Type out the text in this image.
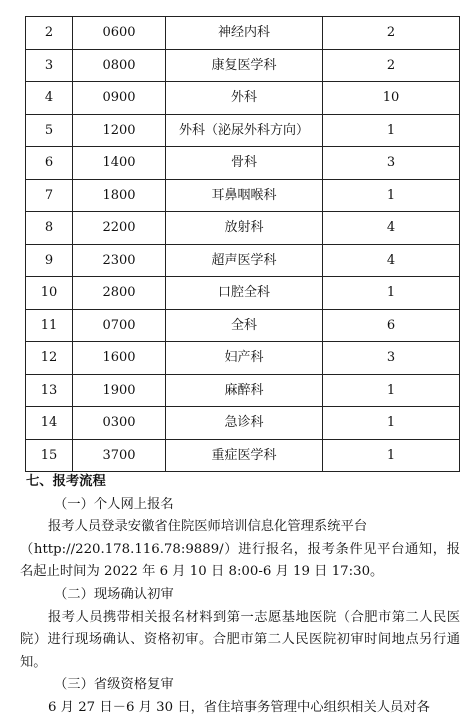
2	0600	神经内科	2
3	0800	康复医学科	2
4	0900	外科	10
5	1200	外科（泌尿外科方向）	1
6	1400	骨科	3
7	1800	耳鼻咽喉科	1
8	2200	放射科	4
9	2300	超声医学科	4
10	2800	口腔全科	1
11	0700	全科	6
12	1600	妇产科	3
13	1900	麻醉科	1
14	0300	急诊科	1
15	3700	重症医学科	1

七、报考流程

（一）个人网上报名

报考人员登录安徽省住院医师培训信息化管理系统平台

（http://220.178.116.78:9889/）进行报名，报考条件见平台通知，报名起止时间为 2022 年 6 月 10 日 8:00-6 月 19 日 17:30。

（二）现场确认初审

报考人员携带相关报名材料到第一志愿基地医院（合肥市第二人民医院）进行现场确认、资格初审。合肥市第二人民医院初审时间地点另行通知。

（三）省级资格复审

6 月 27 日－6 月 30 日，省住培事务管理中心组织相关人员对各
